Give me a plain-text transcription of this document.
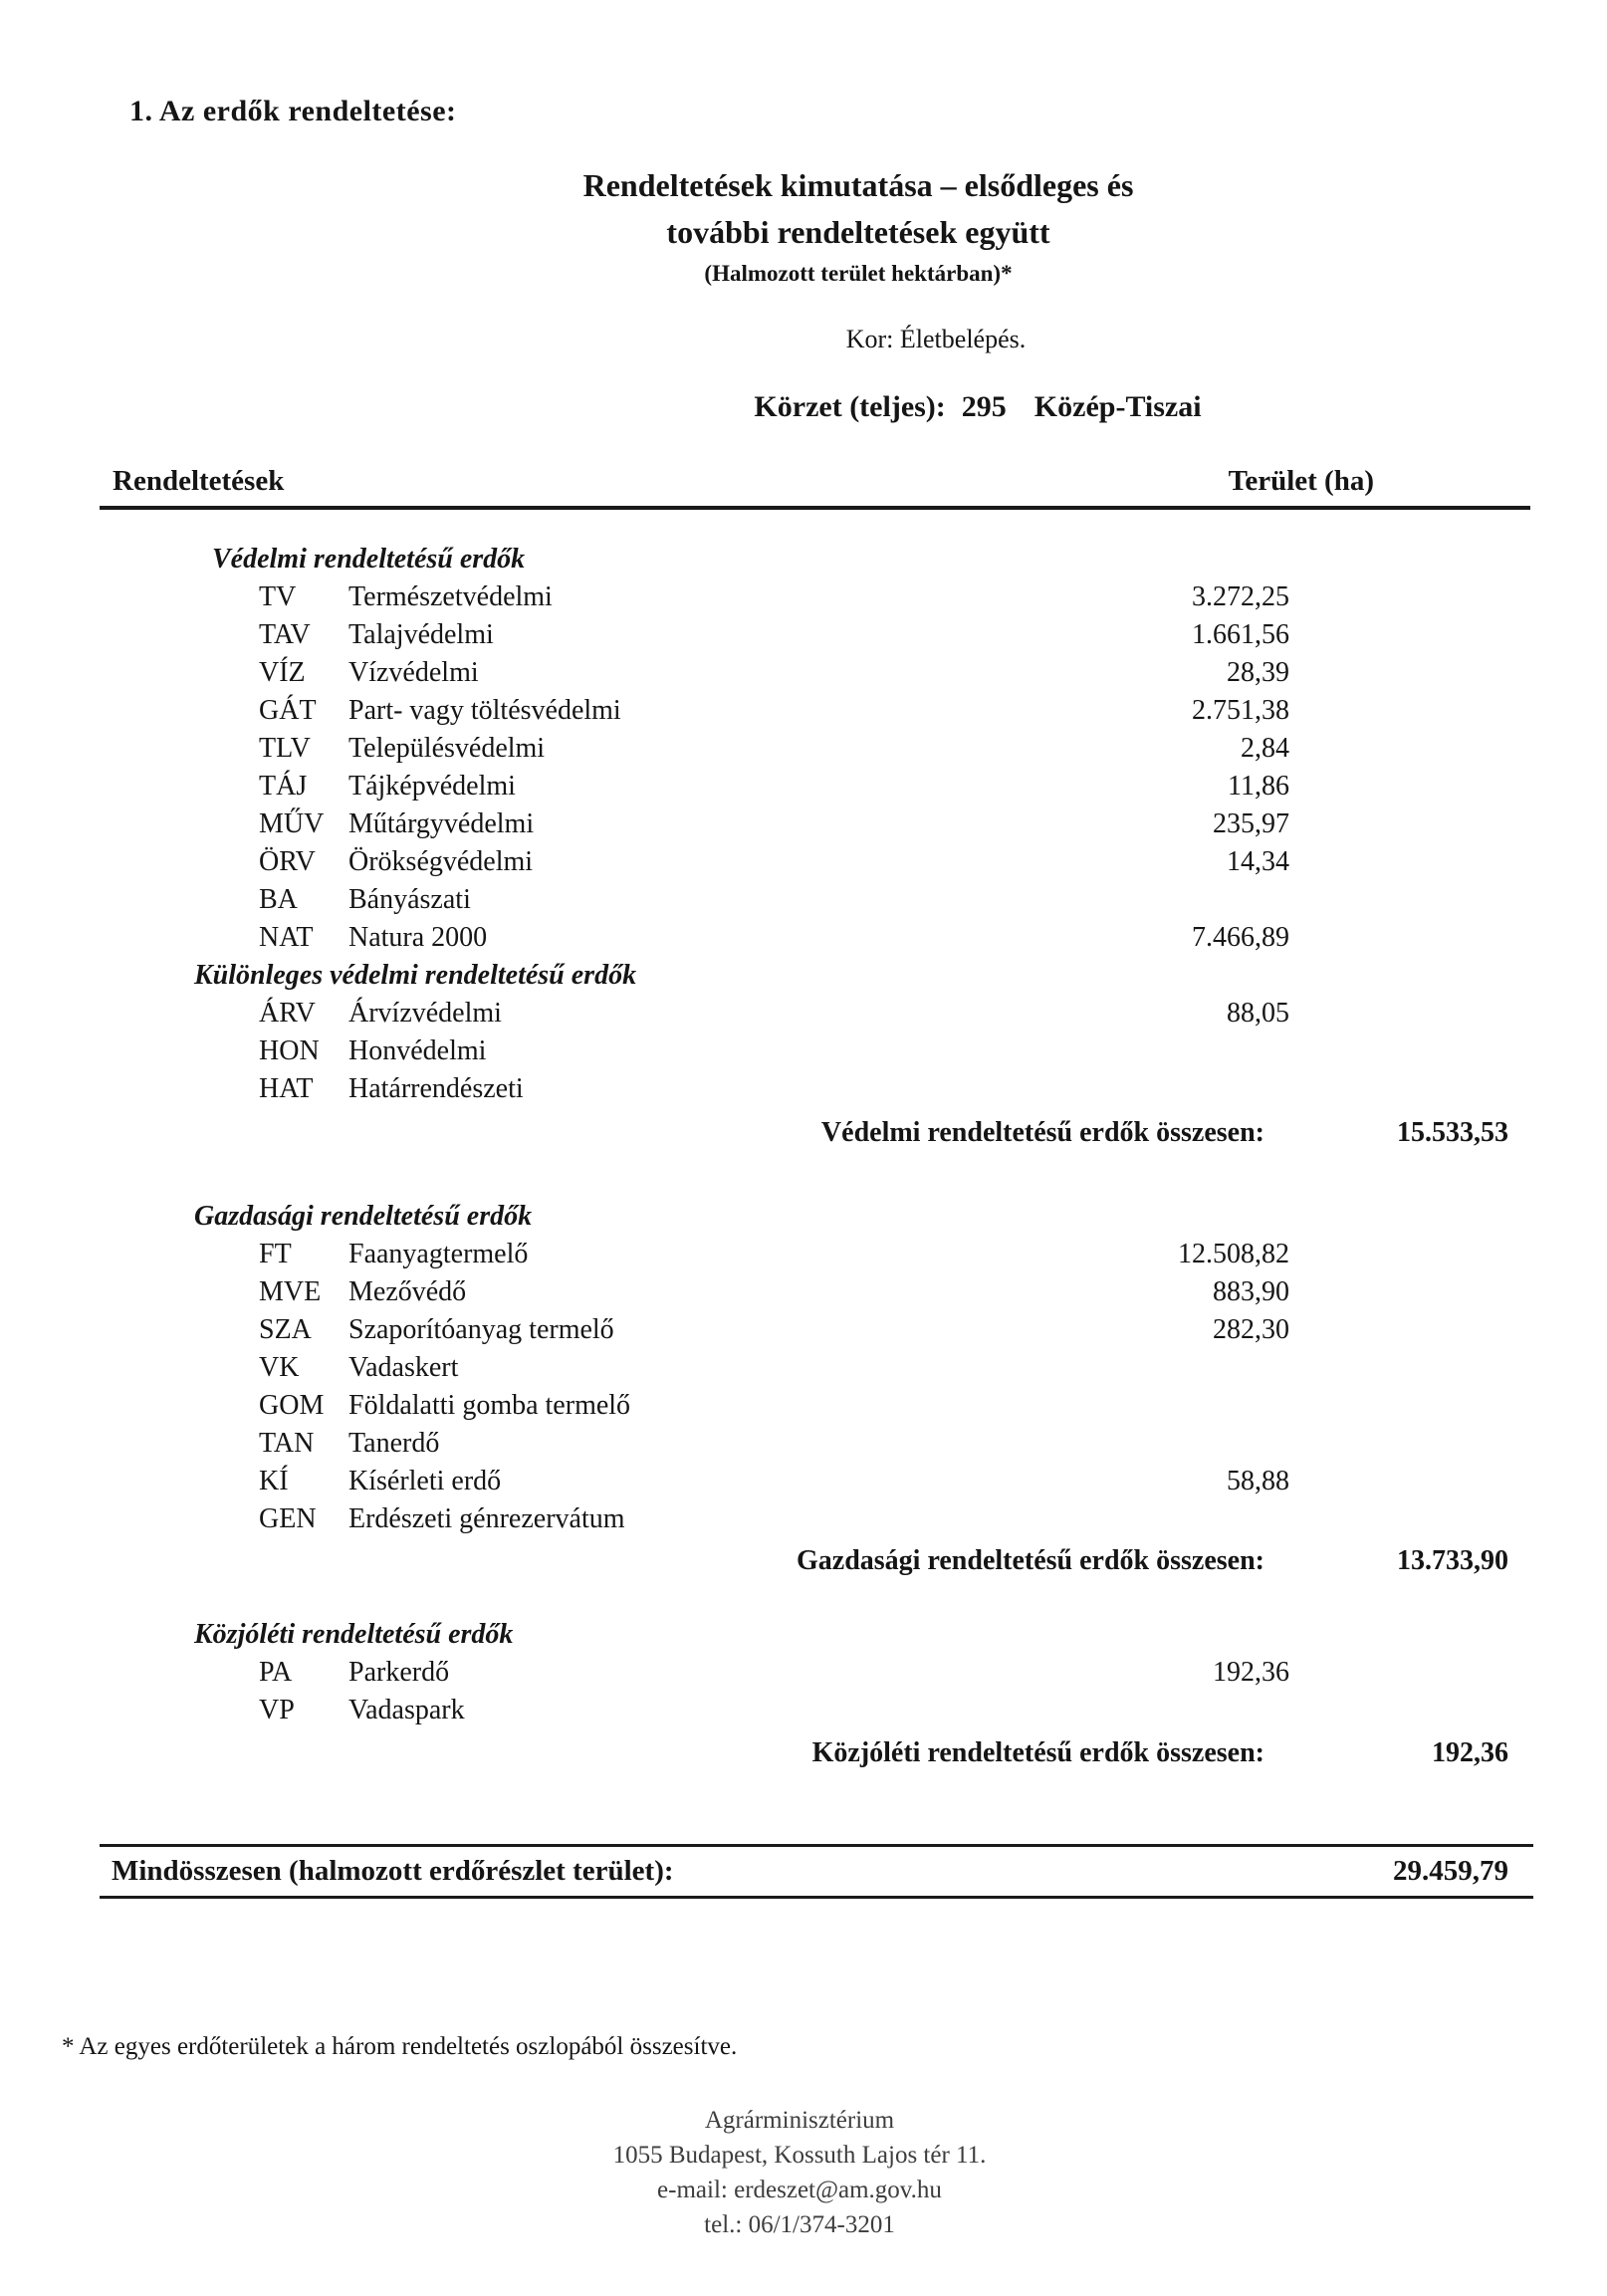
1. Az erdők rendeltetése:
Rendeltetések kimutatása – elsődleges és
további rendeltetések együtt
(Halmozott terület hektárban)*
Kor: Életbelépés.
Körzet (teljes): 295 Közép-Tiszai
Rendeltetések	Terület (ha)
Védelmi rendeltetésű erdők
TV Természetvédelmi	3.272,25
TAV Talajvédelmi	1.661,56
VÍZ Vízvédelmi	28,39
GÁT Part- vagy töltésvédelmi	2.751,38
TLV Településvédelmi	2,84
TÁJ Tájképvédelmi	11,86
MŰV Műtárgyvédelmi	235,97
ÖRV Örökségvédelmi	14,34
BA Bányászati
NAT Natura 2000	7.466,89
Különleges védelmi rendeltetésű erdők
ÁRV Árvízvédelmi	88,05
HON Honvédelmi
HAT Határrendészeti
Védelmi rendeltetésű erdők összesen:	15.533,53
Gazdasági rendeltetésű erdők
FT Faanyagtermelő	12.508,82
MVE Mezővédő	883,90
SZA Szaporítóanyag termelő	282,30
VK Vadaskert
GOM Földalatti gomba termelő
TAN Tanerdő
KÍ Kísérleti erdő	58,88
GEN Erdészeti génrezervátum
Gazdasági rendeltetésű erdők összesen:	13.733,90
Közjóléti rendeltetésű erdők
PA Parkerdő	192,36
VP Vadaspark
Közjóléti rendeltetésű erdők összesen:	192,36
Mindösszesen (halmozott erdőrészlet terület):	29.459,79
* Az egyes erdőterületek a három rendeltetés oszlopából összesítve.
Agrárminisztérium
1055 Budapest, Kossuth Lajos tér 11.
e-mail: erdeszet@am.gov.hu
tel.: 06/1/374-3201
